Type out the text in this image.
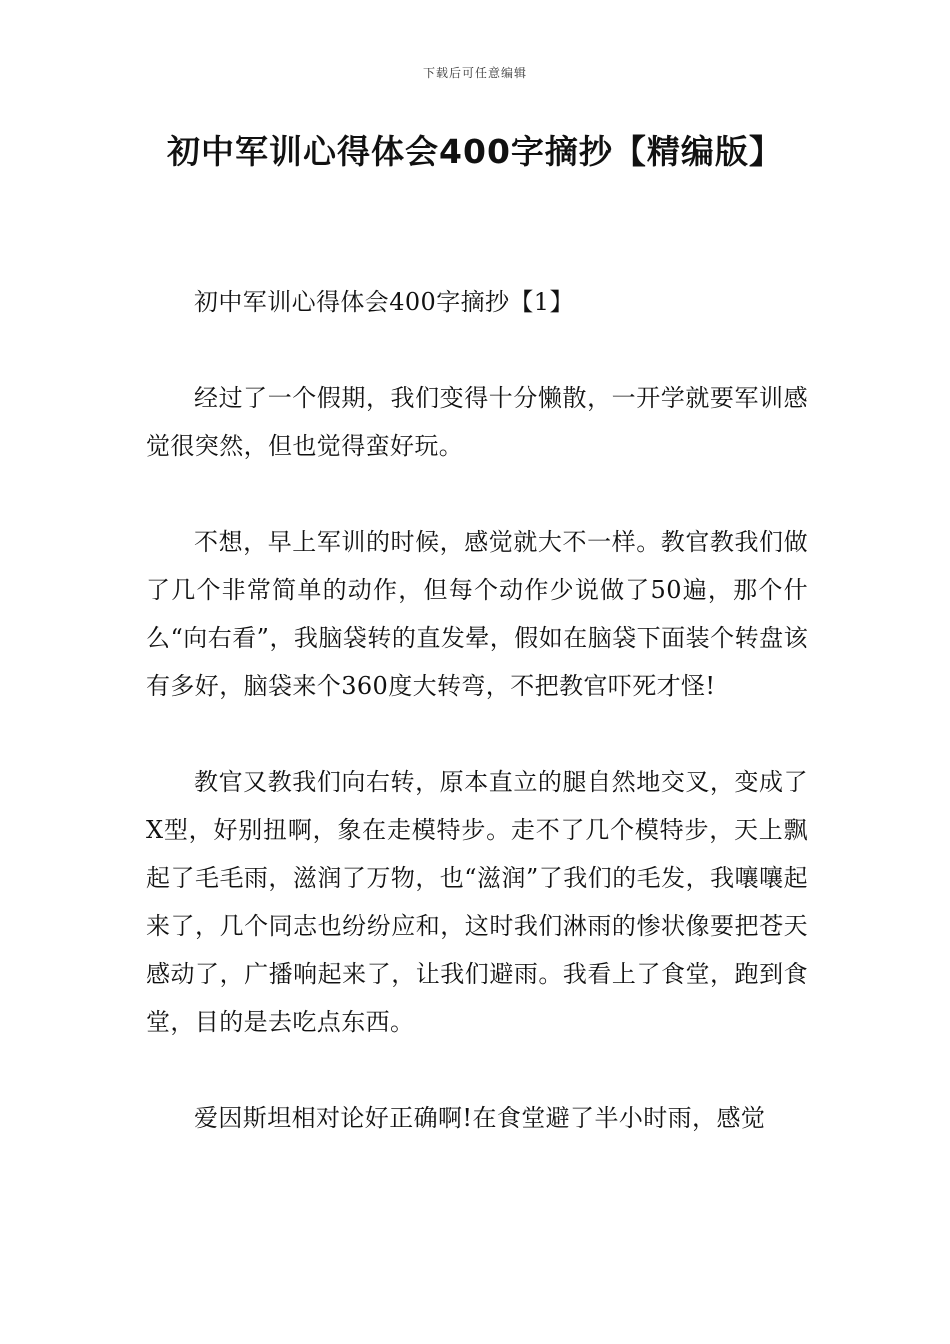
下载后可任意编辑
初中军训心得体会400字摘抄【精编版】

初中军训心得体会400字摘抄【1】

经过了一个假期，我们变得十分懒散，一开学就要军训感觉很突然，但也觉得蛮好玩。

不想，早上军训的时候，感觉就大不一样。教官教我们做了几个非常简单的动作，但每个动作少说做了50遍，那个什么“向右看”，我脑袋转的直发晕，假如在脑袋下面装个转盘该有多好，脑袋来个360度大转弯，不把教官吓死才怪!

教官又教我们向右转，原本直立的腿自然地交叉，变成了X型，好别扭啊，象在走模特步。走不了几个模特步，天上飘起了毛毛雨，滋润了万物，也“滋润”了我们的毛发，我嚷嚷起来了，几个同志也纷纷应和，这时我们淋雨的惨状像要把苍天感动了，广播响起来了，让我们避雨。我看上了食堂，跑到食堂，目的是去吃点东西。

爱因斯坦相对论好正确啊!在食堂避了半小时雨，感觉
